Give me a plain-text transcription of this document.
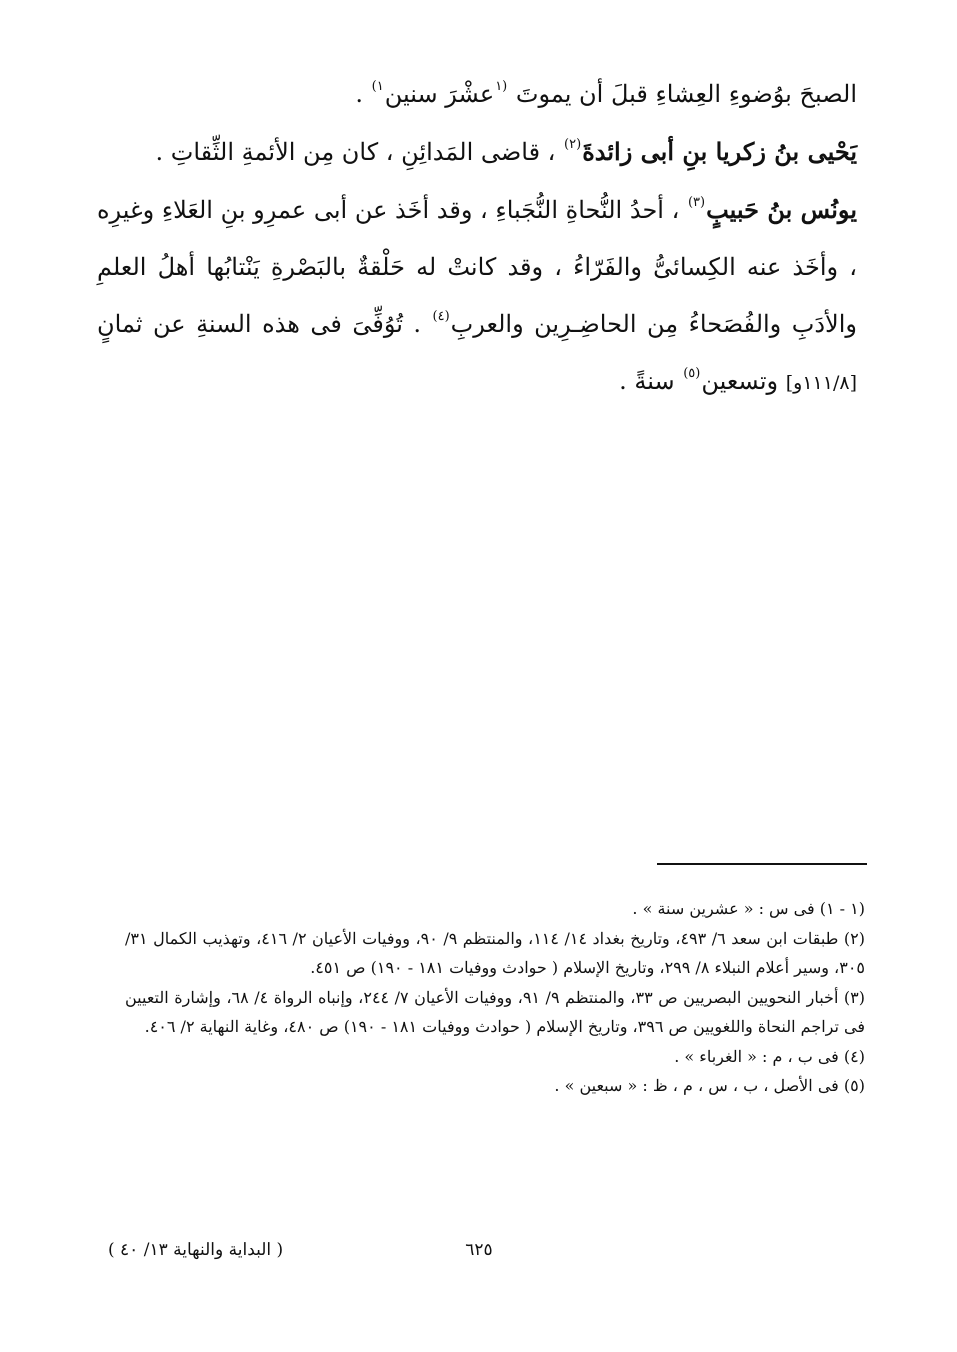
الصبحَ بوُضوءِ العِشاءِ قبلَ أن يموتَ $^{(١}$عشْرَ سنين$^{١)}$ .

يَحْيى بنُ زكريا بنِ أبى زائدةَ$^{(٢)}$ ، قاضى المَدائِنِ ، كان مِن الأئمةِ الثِّقاتِ .

يونُس بنُ حَبيبٍ$^{(٣)}$ ، أحدُ النُّحاةِ النُّجَباءِ ، وقد أخَذ عن أبى عمرِو بنِ العَلاءِ وغيرِه ، وأخَذ عنه الكِسائىُّ والفَرّاءُ ، وقد كانتْ له حَلْقةٌ بالبَصْرةِ يَنْتابُها أهلُ العلمِ والأدَبِ والفُصَحاءُ مِن الحاضِـرِين والعربِ$^{(٤)}$ . تُوُفِّىَ فى هذه السنةِ عن ثمانٍ [١١١/٨و] وتسعين$^{(٥)}$ سنةً .

(١ - ١) فى س : « عشرين سنة » .

(٢) طبقات ابن سعد ٦/ ٤٩٣، وتاريخ بغداد ١٤/ ١١٤، والمنتظم ٩/ ٩٠، ووفيات الأعيان ٢/ ٤١٦، وتهذيب الكمال ٣١/ ٣٠٥، وسير أعلام النبلاء ٨/ ٢٩٩، وتاريخ الإسلام ( حوادث ووفيات ١٨١ - ١٩٠) ص ٤٥١.

(٣) أخبار النحويين البصريين ص ٣٣، والمنتظم ٩/ ٩١، ووفيات الأعيان ٧/ ٢٤٤، وإنباه الرواة ٤/ ٦٨، وإشارة التعيين فى تراجم النحاة واللغويين ص ٣٩٦، وتاريخ الإسلام ( حوادث ووفيات ١٨١ - ١٩٠) ص ٤٨٠، وغاية النهاية ٢/ ٤٠٦.

(٤) فى ب ، م : « الغرباء » .

(٥) فى الأصل ، ب ، س ، م ، ظ : « سبعين » .

٦٢٥
( البداية والنهاية ١٣/ ٤٠ )
